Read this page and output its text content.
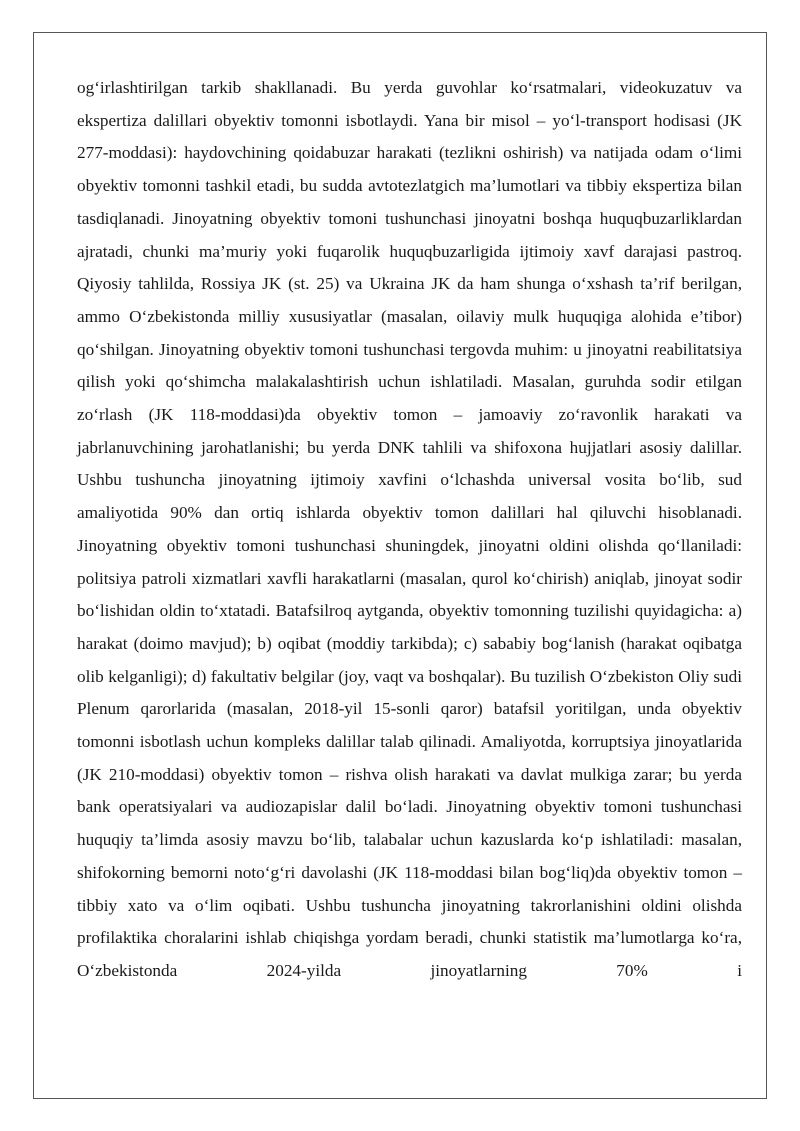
og‘irlashtirilgan tarkib shakllanadi. Bu yerda guvohlar ko‘rsatmalari, videokuzatuv va ekspertiza dalillari obyektiv tomonni isbotlaydi. Yana bir misol – yo‘l-transport hodisasi (JK 277-moddasi): haydovchining qoidabuzar harakati (tezlikni oshirish) va natijada odam o‘limi obyektiv tomonni tashkil etadi, bu sudda avtotezlatgich ma’lumotlari va tibbiy ekspertiza bilan tasdiqlanadi. Jinoyatning obyektiv tomoni tushunchasi jinoyatni boshqa huquqbuzarliklardan ajratadi, chunki ma’muriy yoki fuqarolik huquqbuzarligida ijtimoiy xavf darajasi pastroq. Qiyosiy tahlilda, Rossiya JK (st. 25) va Ukraina JK da ham shunga o‘xshash ta’rif berilgan, ammo O‘zbekistonda milliy xususiyatlar (masalan, oilaviy mulk huquqiga alohida e’tibor) qo‘shilgan. Jinoyatning obyektiv tomoni tushunchasi tergovda muhim: u jinoyatni reabilitatsiya qilish yoki qo‘shimcha malakalashtirish uchun ishlatiladi. Masalan, guruhda sodir etilgan zo‘rlash (JK 118-moddasi)da obyektiv tomon – jamoaviy zo‘ravonlik harakati va jabrlanuvchining jarohatlanishi; bu yerda DNK tahlili va shifoxona hujjatlari asosiy dalillar. Ushbu tushuncha jinoyatning ijtimoiy xavfini o‘lchashda universal vosita bo‘lib, sud amaliyotida 90% dan ortiq ishlarda obyektiv tomon dalillari hal qiluvchi hisoblanadi. Jinoyatning obyektiv tomoni tushunchasi shuningdek, jinoyatni oldini olishda qo‘llaniladi: politsiya patroli xizmatlari xavfli harakatlarni (masalan, qurol ko‘chirish) aniqlab, jinoyat sodir bo‘lishidan oldin to‘xtatadi. Batafsilroq aytganda, obyektiv tomonning tuzilishi quyidagicha: a) harakat (doimo mavjud); b) oqibat (moddiy tarkibda); c) sababiy bog‘lanish (harakat oqibatga olib kelganligi); d) fakultativ belgilar (joy, vaqt va boshqalar). Bu tuzilish O‘zbekiston Oliy sudi Plenum qarorlarida (masalan, 2018-yil 15-sonli qaror) batafsil yoritilgan, unda obyektiv tomonni isbotlash uchun kompleks dalillar talab qilinadi. Amaliyotda, korruptsiya jinoyatlarida (JK 210-moddasi) obyektiv tomon – rishva olish harakati va davlat mulkiga zarar; bu yerda bank operatsiyalari va audiozapislar dalil bo‘ladi. Jinoyatning obyektiv tomoni tushunchasi huquqiy ta’limda asosiy mavzu bo‘lib, talabalar uchun kazuslarda ko‘p ishlatiladi: masalan, shifokorning bemorni noto‘g‘ri davolashi (JK 118-moddasi bilan bog‘liq)da obyektiv tomon – tibbiy xato va o‘lim oqibati. Ushbu tushuncha jinoyatning takrorlanishini oldini olishda profilaktika choralarini ishlab chiqishga yordam beradi, chunki statistik ma’lumotlarga ko‘ra, O‘zbekistonda 2024-yilda jinoyatlarning 70% i
